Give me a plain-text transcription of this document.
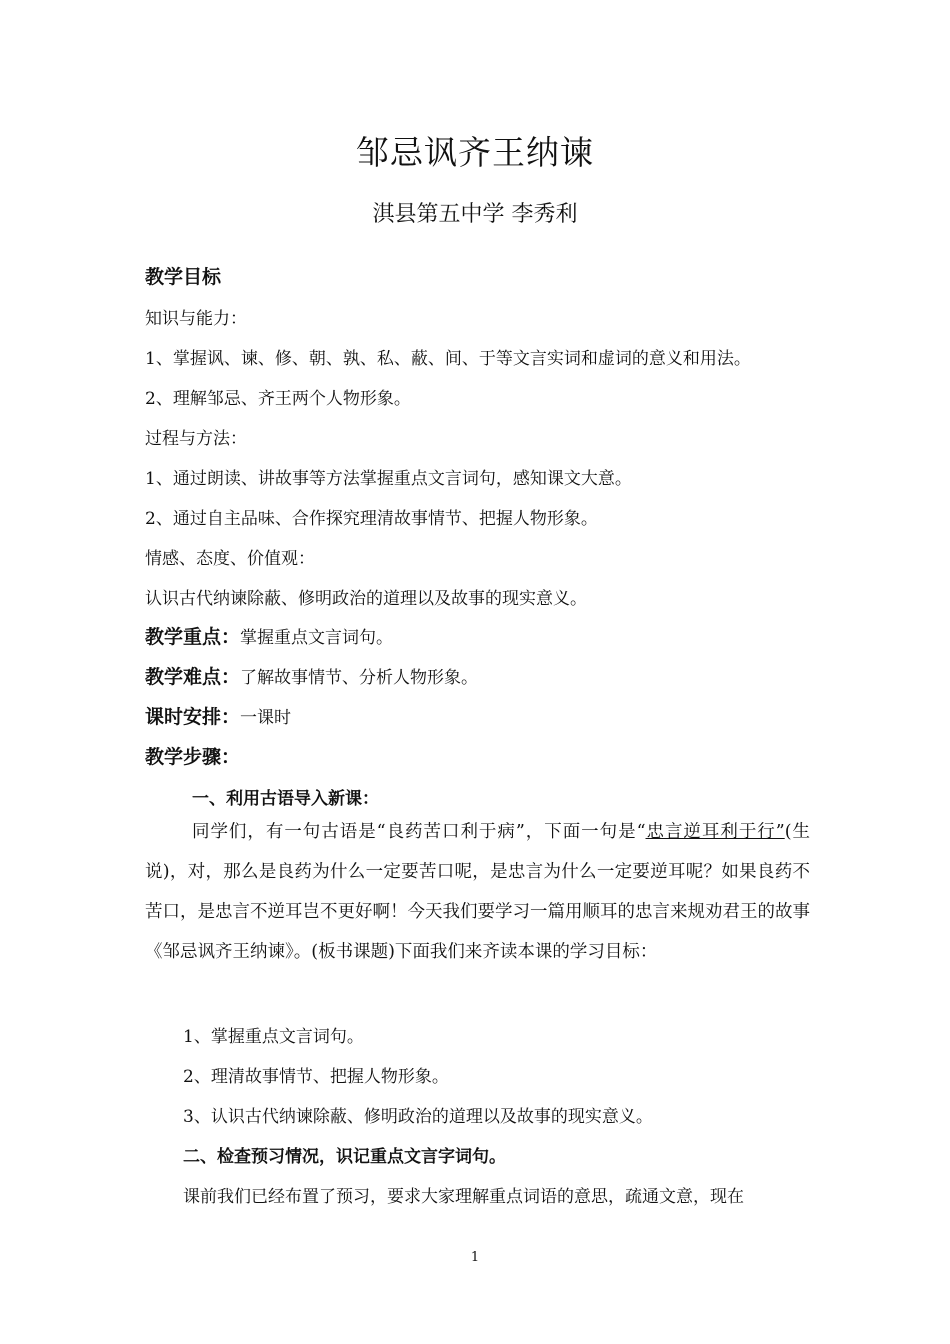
邹忌讽齐王纳谏
淇县第五中学 李秀利
教学目标
知识与能力：
1、掌握讽、谏、修、朝、孰、私、蔽、间、于等文言实词和虚词的意义和用法。
2、理解邹忌、齐王两个人物形象。
过程与方法：
1、通过朗读、讲故事等方法掌握重点文言词句，感知课文大意。
2、通过自主品味、合作探究理清故事情节、把握人物形象。
情感、态度、价值观：
认识古代纳谏除蔽、修明政治的道理以及故事的现实意义。
教学重点：掌握重点文言词句。
教学难点：了解故事情节、分析人物形象。
课时安排：一课时
教学步骤：
一、利用古语导入新课：
同学们，有一句古语是“良药苦口利于病”，下面一句是“忠言逆耳利于行”(生说)，对，那么是良药为什么一定要苦口呢，是忠言为什么一定要逆耳呢？如果良药不苦口，是忠言不逆耳岂不更好啊！今天我们要学习一篇用顺耳的忠言来规劝君王的故事《邹忌讽齐王纳谏》。(板书课题)下面我们来齐读本课的学习目标：
1、掌握重点文言词句。
2、理清故事情节、把握人物形象。
3、认识古代纳谏除蔽、修明政治的道理以及故事的现实意义。
二、检查预习情况，识记重点文言字词句。
课前我们已经布置了预习，要求大家理解重点词语的意思，疏通文意，现在
1
